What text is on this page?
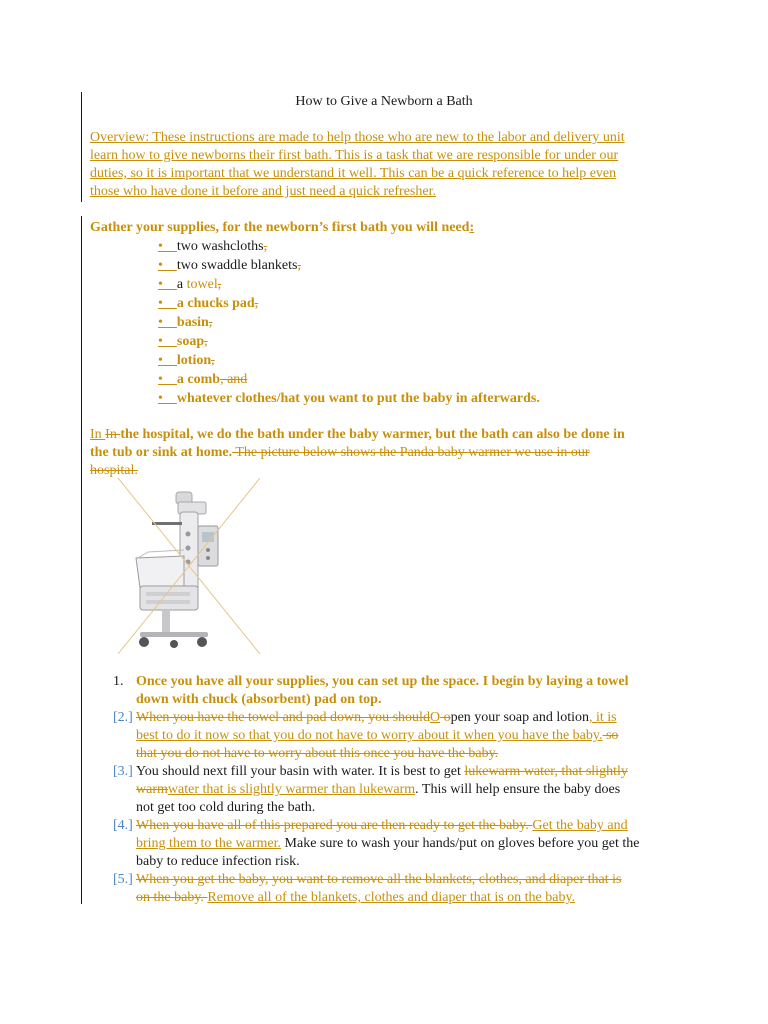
How to Give a Newborn a Bath
Overview: These instructions are made to help those who are new to the labor and delivery unit
learn how to give newborns their first bath. This is a task that we are responsible for under our
duties, so it is important that we understand it well. This can be a quick reference to help even
those who have done it before and just need a quick refresher.
Gather your supplies, for the newborn’s first bath you will need:
•    two washcloths,
•    two swaddle blankets,
•    a towel,
•    a chucks pad,
•    basin,
•    soap,
•    lotion,
•    a comb, and
•    whatever clothes/hat you want to put the baby in afterwards.
In In the hospital, we do the bath under the baby warmer, but the bath can also be done in
the tub or sink at home. The picture below shows the Panda baby warmer we use in our
hospital.
1. Once you have all your supplies, you can set up the space. I begin by laying a towel
down with chuck (absorbent) pad on top.
[2.] When you have the towel and pad down, you shouldO open your soap and lotion, it is
best to do it now so that you do not have to worry about it when you have the baby. so
that you do not have to worry about this once you have the baby.
[3.] You should next fill your basin with water. It is best to get lukewarm water, that slightly
warmwater that is slightly warmer than lukewarm. This will help ensure the baby does
not get too cold during the bath.
[4.] When you have all of this prepared you are then ready to get the baby. Get the baby and
bring them to the warmer. Make sure to wash your hands/put on gloves before you get the
baby to reduce infection risk.
[5.] When you get the baby, you want to remove all the blankets, clothes, and diaper that is
on the baby. Remove all of the blankets, clothes and diaper that is on the baby.
